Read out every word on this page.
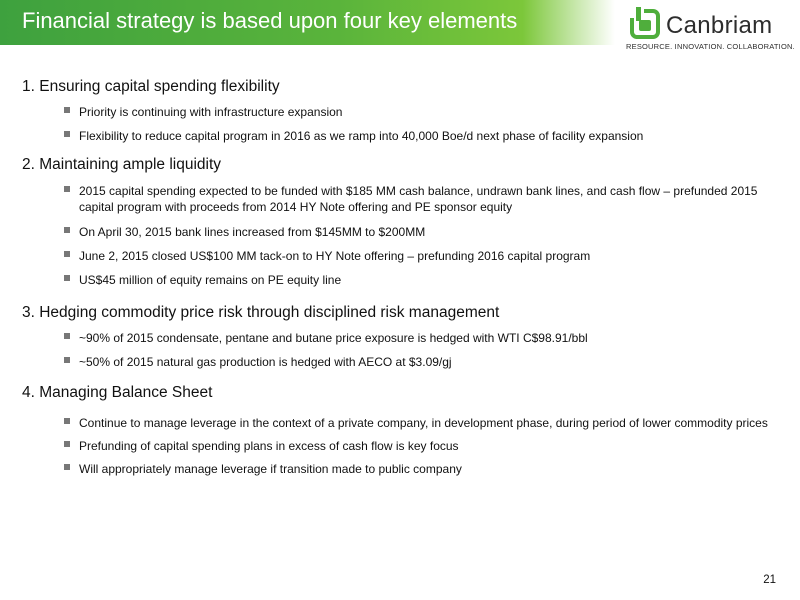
Financial strategy is based upon four key elements	Canbriam
RESOURCE. INNOVATION. COLLABORATION.
1. Ensuring capital spending flexibility
Priority is continuing with infrastructure expansion
Flexibility to reduce capital program in 2016 as we ramp into 40,000 Boe/d next phase of facility expansion
2. Maintaining ample liquidity
2015 capital spending expected to be funded with $185 MM cash balance, undrawn bank lines, and cash flow – prefunded 2015 capital program with proceeds from 2014 HY Note offering and PE sponsor equity
On April 30, 2015 bank lines increased from $145MM to $200MM
June 2, 2015 closed US$100 MM tack-on to HY Note offering – prefunding 2016 capital program
US$45 million of equity remains on PE equity line
3. Hedging commodity price risk through disciplined risk management
~90% of 2015 condensate, pentane and butane price exposure is hedged with WTI C$98.91/bbl
~50% of 2015 natural gas production is hedged with AECO at $3.09/gj
4. Managing Balance Sheet
Continue to manage leverage in the context of a private company, in development phase, during period of lower commodity prices
Prefunding of capital spending plans in excess of cash flow is key focus
Will appropriately manage leverage if transition made to public company
21
